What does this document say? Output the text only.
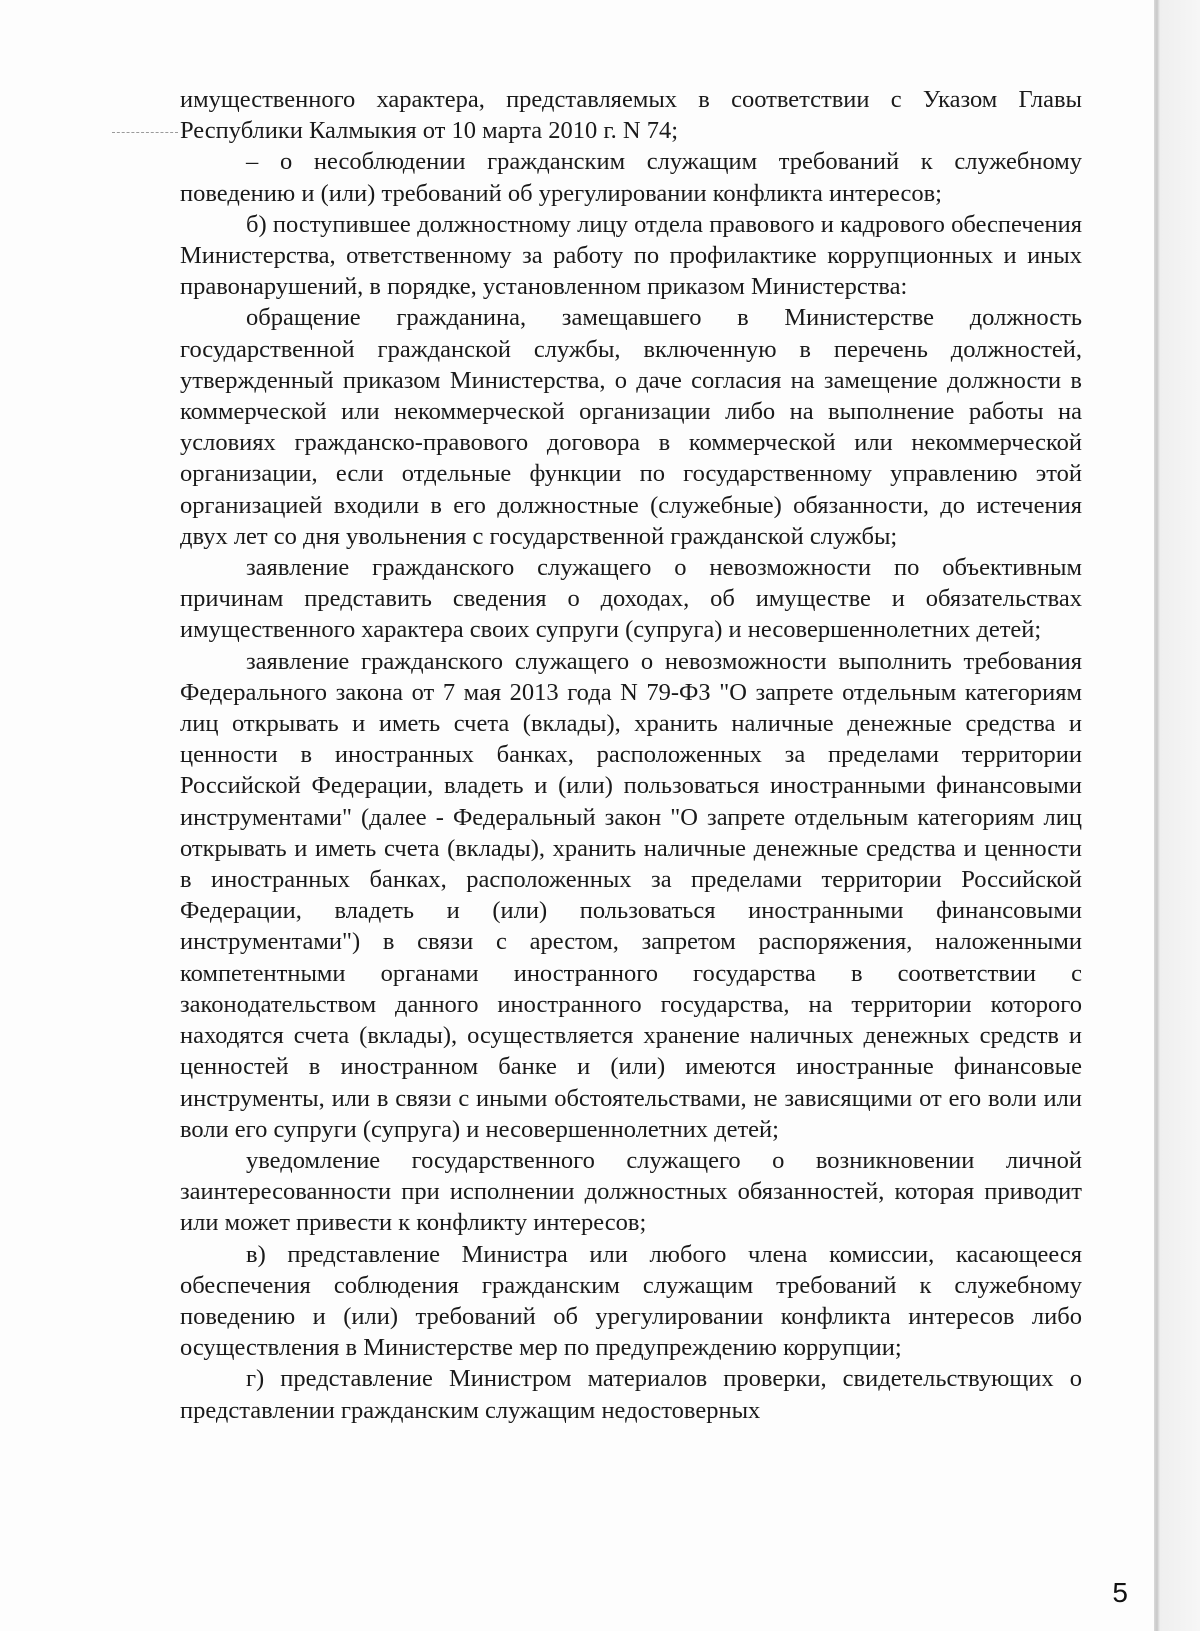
имущественного характера, представляемых в соответствии с Указом Главы Республики Калмыкия от 10 марта 2010 г. N 74;

– о несоблюдении гражданским служащим требований к служебному поведению и (или) требований об урегулировании конфликта интересов;

б) поступившее должностному лицу отдела правового и кадрового обеспечения Министерства, ответственному за работу по профилактике коррупционных и иных правонарушений, в порядке, установленном приказом Министерства:

обращение гражданина, замещавшего в Министерстве должность государственной гражданской службы, включенную в перечень должностей, утвержденный приказом Министерства, о даче согласия на замещение должности в коммерческой или некоммерческой организации либо на выполнение работы на условиях гражданско-правового договора в коммерческой или некоммерческой организации, если отдельные функции по государственному управлению этой организацией входили в его должностные (служебные) обязанности, до истечения двух лет со дня увольнения с государственной гражданской службы;

заявление гражданского служащего о невозможности по объективным причинам представить сведения о доходах, об имуществе и обязательствах имущественного характера своих супруги (супруга) и несовершеннолетних детей;

заявление гражданского служащего о невозможности выполнить требования Федерального закона от 7 мая 2013 года N 79-ФЗ "О запрете отдельным категориям лиц открывать и иметь счета (вклады), хранить наличные денежные средства и ценности в иностранных банках, расположенных за пределами территории Российской Федерации, владеть и (или) пользоваться иностранными финансовыми инструментами" (далее - Федеральный закон "О запрете отдельным категориям лиц открывать и иметь счета (вклады), хранить наличные денежные средства и ценности в иностранных банках, расположенных за пределами территории Российской Федерации, владеть и (или) пользоваться иностранными финансовыми инструментами") в связи с арестом, запретом распоряжения, наложенными компетентными органами иностранного государства в соответствии с законодательством данного иностранного государства, на территории которого находятся счета (вклады), осуществляется хранение наличных денежных средств и ценностей в иностранном банке и (или) имеются иностранные финансовые инструменты, или в связи с иными обстоятельствами, не зависящими от его воли или воли его супруги (супруга) и несовершеннолетних детей;

уведомление государственного служащего о возникновении личной заинтересованности при исполнении должностных обязанностей, которая приводит или может привести к конфликту интересов;

в) представление Министра или любого члена комиссии, касающееся обеспечения соблюдения гражданским служащим требований к служебному поведению и (или) требований об урегулировании конфликта интересов либо осуществления в Министерстве мер по предупреждению коррупции;

г) представление Министром материалов проверки, свидетельствующих о представлении гражданским служащим недостоверных

5
